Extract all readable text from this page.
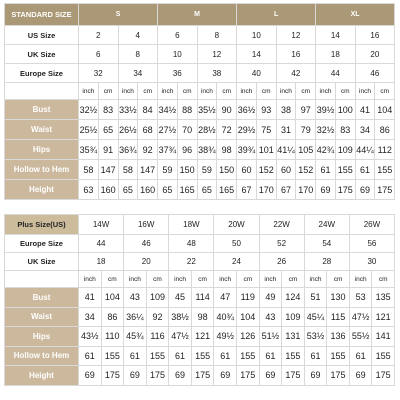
STANDARD SIZE	S				M				L				XL			
US Size	2		4		6		8		10		12		14		16	
UK Size	6		8		10		12		14		16		18		20	
Europe Size	32		34		36		38		40		42		44		46	
	inch	cm	inch	cm	inch	cm	inch	cm	inch	cm	inch	cm	inch	cm	inch	cm
Bust	32½	83	33½	84	34½	88	35½	90	36½	93	38	97	39½	100	41	104
Waist	25½	65	26½	68	27½	70	28½	72	29½	75	31	79	32½	83	34	86
Hips	35¾	91	36¾	92	37¾	96	38¾	98	39¾	101	41¼	105	42¾	109	44¼	112
Hollow to Hem	58	147	58	147	59	150	59	150	60	152	60	152	61	155	61	155
Height	63	160	65	160	65	165	65	165	67	170	67	170	69	175	69	175
Plus Size(US)	14W		16W		18W		20W		22W		24W		26W	
Europe Size	44		46		48		50		52		54		56	
UK Size	18		20		22		24		26		28		30	
	inch	cm	inch	cm	inch	cm	inch	cm	inch	cm	inch	cm	inch	cm
Bust	41	104	43	109	45	114	47	119	49	124	51	130	53	135
Waist	34	86	36¼	92	38½	98	40¾	104	43	109	45¼	115	47½	121
Hips	43½	110	45¾	116	47½	121	49½	126	51½	131	53½	136	55½	141
Hollow to Hem	61	155	61	155	61	155	61	155	61	155	61	155	61	155
Height	69	175	69	175	69	175	69	175	69	175	69	175	69	175
